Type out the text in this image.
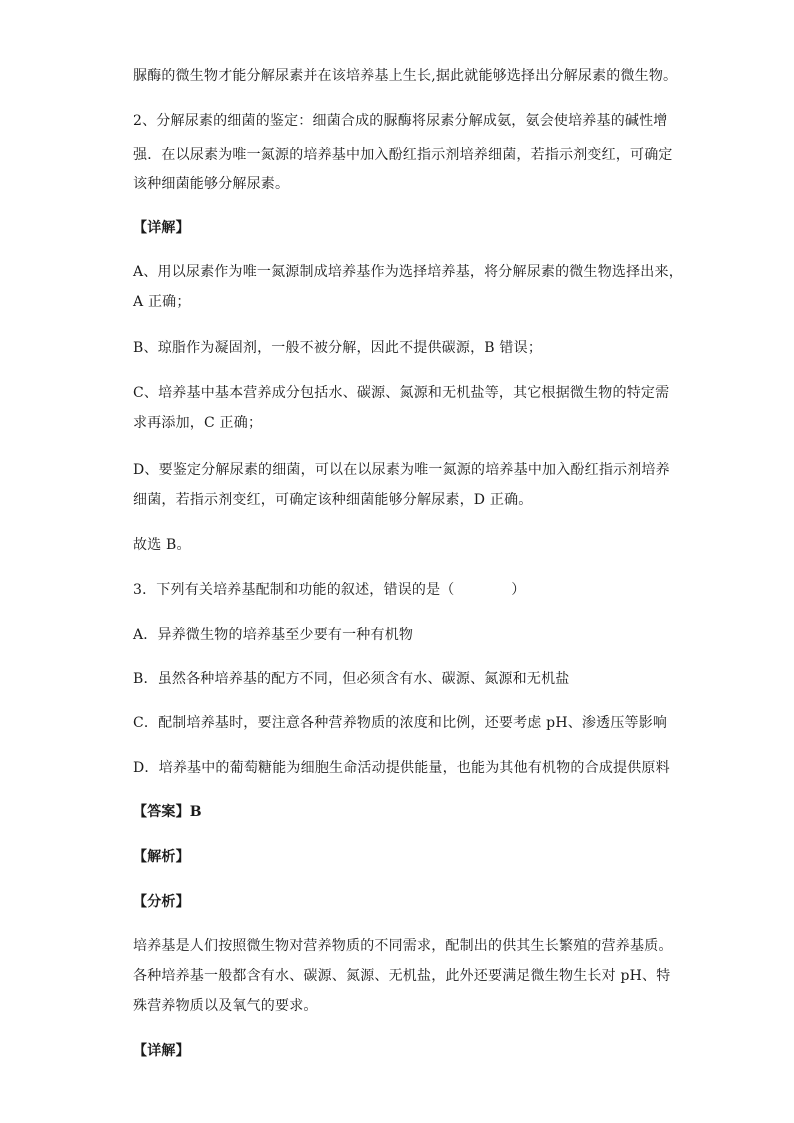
脲酶的微生物才能分解尿素并在该培养基上生长,据此就能够选择出分解尿素的微生物。
2、分解尿素的细菌的鉴定：细菌合成的脲酶将尿素分解成氨，氨会使培养基的碱性增
强．在以尿素为唯一氮源的培养基中加入酚红指示剂培养细菌，若指示剂变红，可确定
该种细菌能够分解尿素。
【详解】
A、用以尿素作为唯一氮源制成培养基作为选择培养基，将分解尿素的微生物选择出来，
A 正确；
B、琼脂作为凝固剂，一般不被分解，因此不提供碳源，B 错误；
C、培养基中基本营养成分包括水、碳源、氮源和无机盐等，其它根据微生物的特定需
求再添加，C 正确；
D、要鉴定分解尿素的细菌，可以在以尿素为唯一氮源的培养基中加入酚红指示剂培养
细菌，若指示剂变红，可确定该种细菌能够分解尿素，D 正确。
故选 B。
3．下列有关培养基配制和功能的叙述，错误的是（　　　　）
A．异养微生物的培养基至少要有一种有机物
B．虽然各种培养基的配方不同，但必须含有水、碳源、氮源和无机盐
C．配制培养基时，要注意各种营养物质的浓度和比例，还要考虑 pH、渗透压等影响
D．培养基中的葡萄糖能为细胞生命活动提供能量，也能为其他有机物的合成提供原料
【答案】B
【解析】
【分析】
培养基是人们按照微生物对营养物质的不同需求，配制出的供其生长繁殖的营养基质。
各种培养基一般都含有水、碳源、氮源、无机盐，此外还要满足微生物生长对 pH、特
殊营养物质以及氧气的要求。
【详解】
